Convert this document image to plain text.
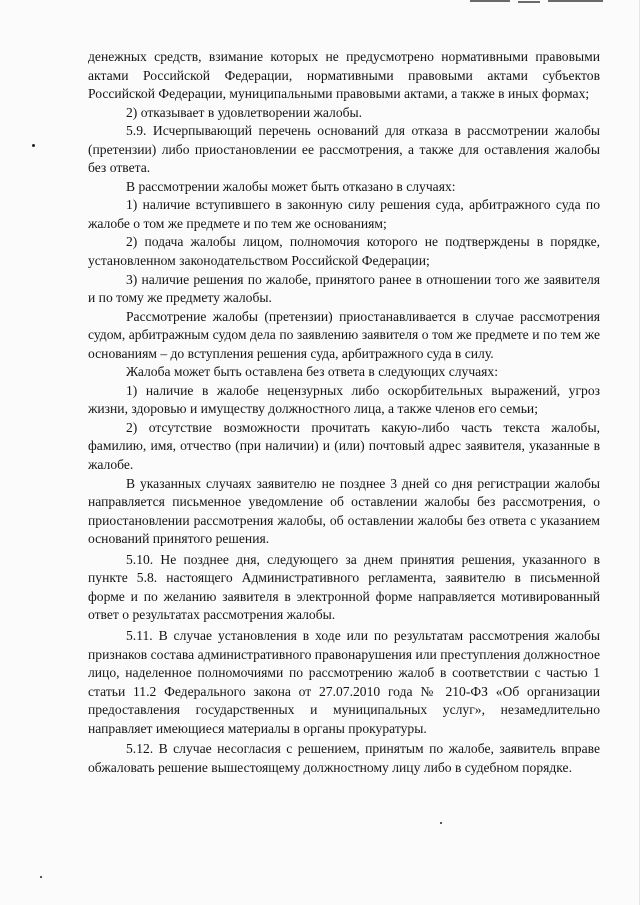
денежных средств, взимание которых не предусмотрено нормативными правовыми актами Российской Федерации, нормативными правовыми актами субъектов Российской Федерации, муниципальными правовыми актами, а также в иных формах;

2) отказывает в удовлетворении жалобы.

5.9. Исчерпывающий перечень оснований для отказа в рассмотрении жалобы (претензии) либо приостановлении ее рассмотрения, а также для оставления жалобы без ответа.

В рассмотрении жалобы может быть отказано в случаях:

1) наличие вступившего в законную силу решения суда, арбитражного суда по жалобе о том же предмете и по тем же основаниям;

2) подача жалобы лицом, полномочия которого не подтверждены в порядке, установленном законодательством Российской Федерации;

3) наличие решения по жалобе, принятого ранее в отношении того же заявителя и по тому же предмету жалобы.

Рассмотрение жалобы (претензии) приостанавливается в случае рассмотрения судом, арбитражным судом дела по заявлению заявителя о том же предмете и по тем же основаниям – до вступления решения суда, арбитражного суда в силу.

Жалоба может быть оставлена без ответа в следующих случаях:

1) наличие в жалобе нецензурных либо оскорбительных выражений, угроз жизни, здоровью и имуществу должностного лица, а также членов его семьи;

2) отсутствие возможности прочитать какую-либо часть текста жалобы, фамилию, имя, отчество (при наличии) и (или) почтовый адрес заявителя, указанные в жалобе.

В указанных случаях заявителю не позднее 3 дней со дня регистрации жалобы направляется письменное уведомление об оставлении жалобы без рассмотрения, о приостановлении рассмотрения жалобы, об оставлении жалобы без ответа с указанием оснований принятого решения.

5.10. Не позднее дня, следующего за днем принятия решения, указанного в пункте 5.8. настоящего Административного регламента, заявителю в письменной форме и по желанию заявителя в электронной форме направляется мотивированный ответ о результатах рассмотрения жалобы.

5.11. В случае установления в ходе или по результатам рассмотрения жалобы признаков состава административного правонарушения или преступления должностное лицо, наделенное полномочиями по рассмотрению жалоб в соответствии с частью 1 статьи 11.2 Федерального закона от 27.07.2010 года № 210-ФЗ «Об организации предоставления государственных и муниципальных услуг», незамедлительно направляет имеющиеся материалы в органы прокуратуры.

5.12. В случае несогласия с решением, принятым по жалобе, заявитель вправе обжаловать решение вышестоящему должностному лицу либо в судебном порядке.
